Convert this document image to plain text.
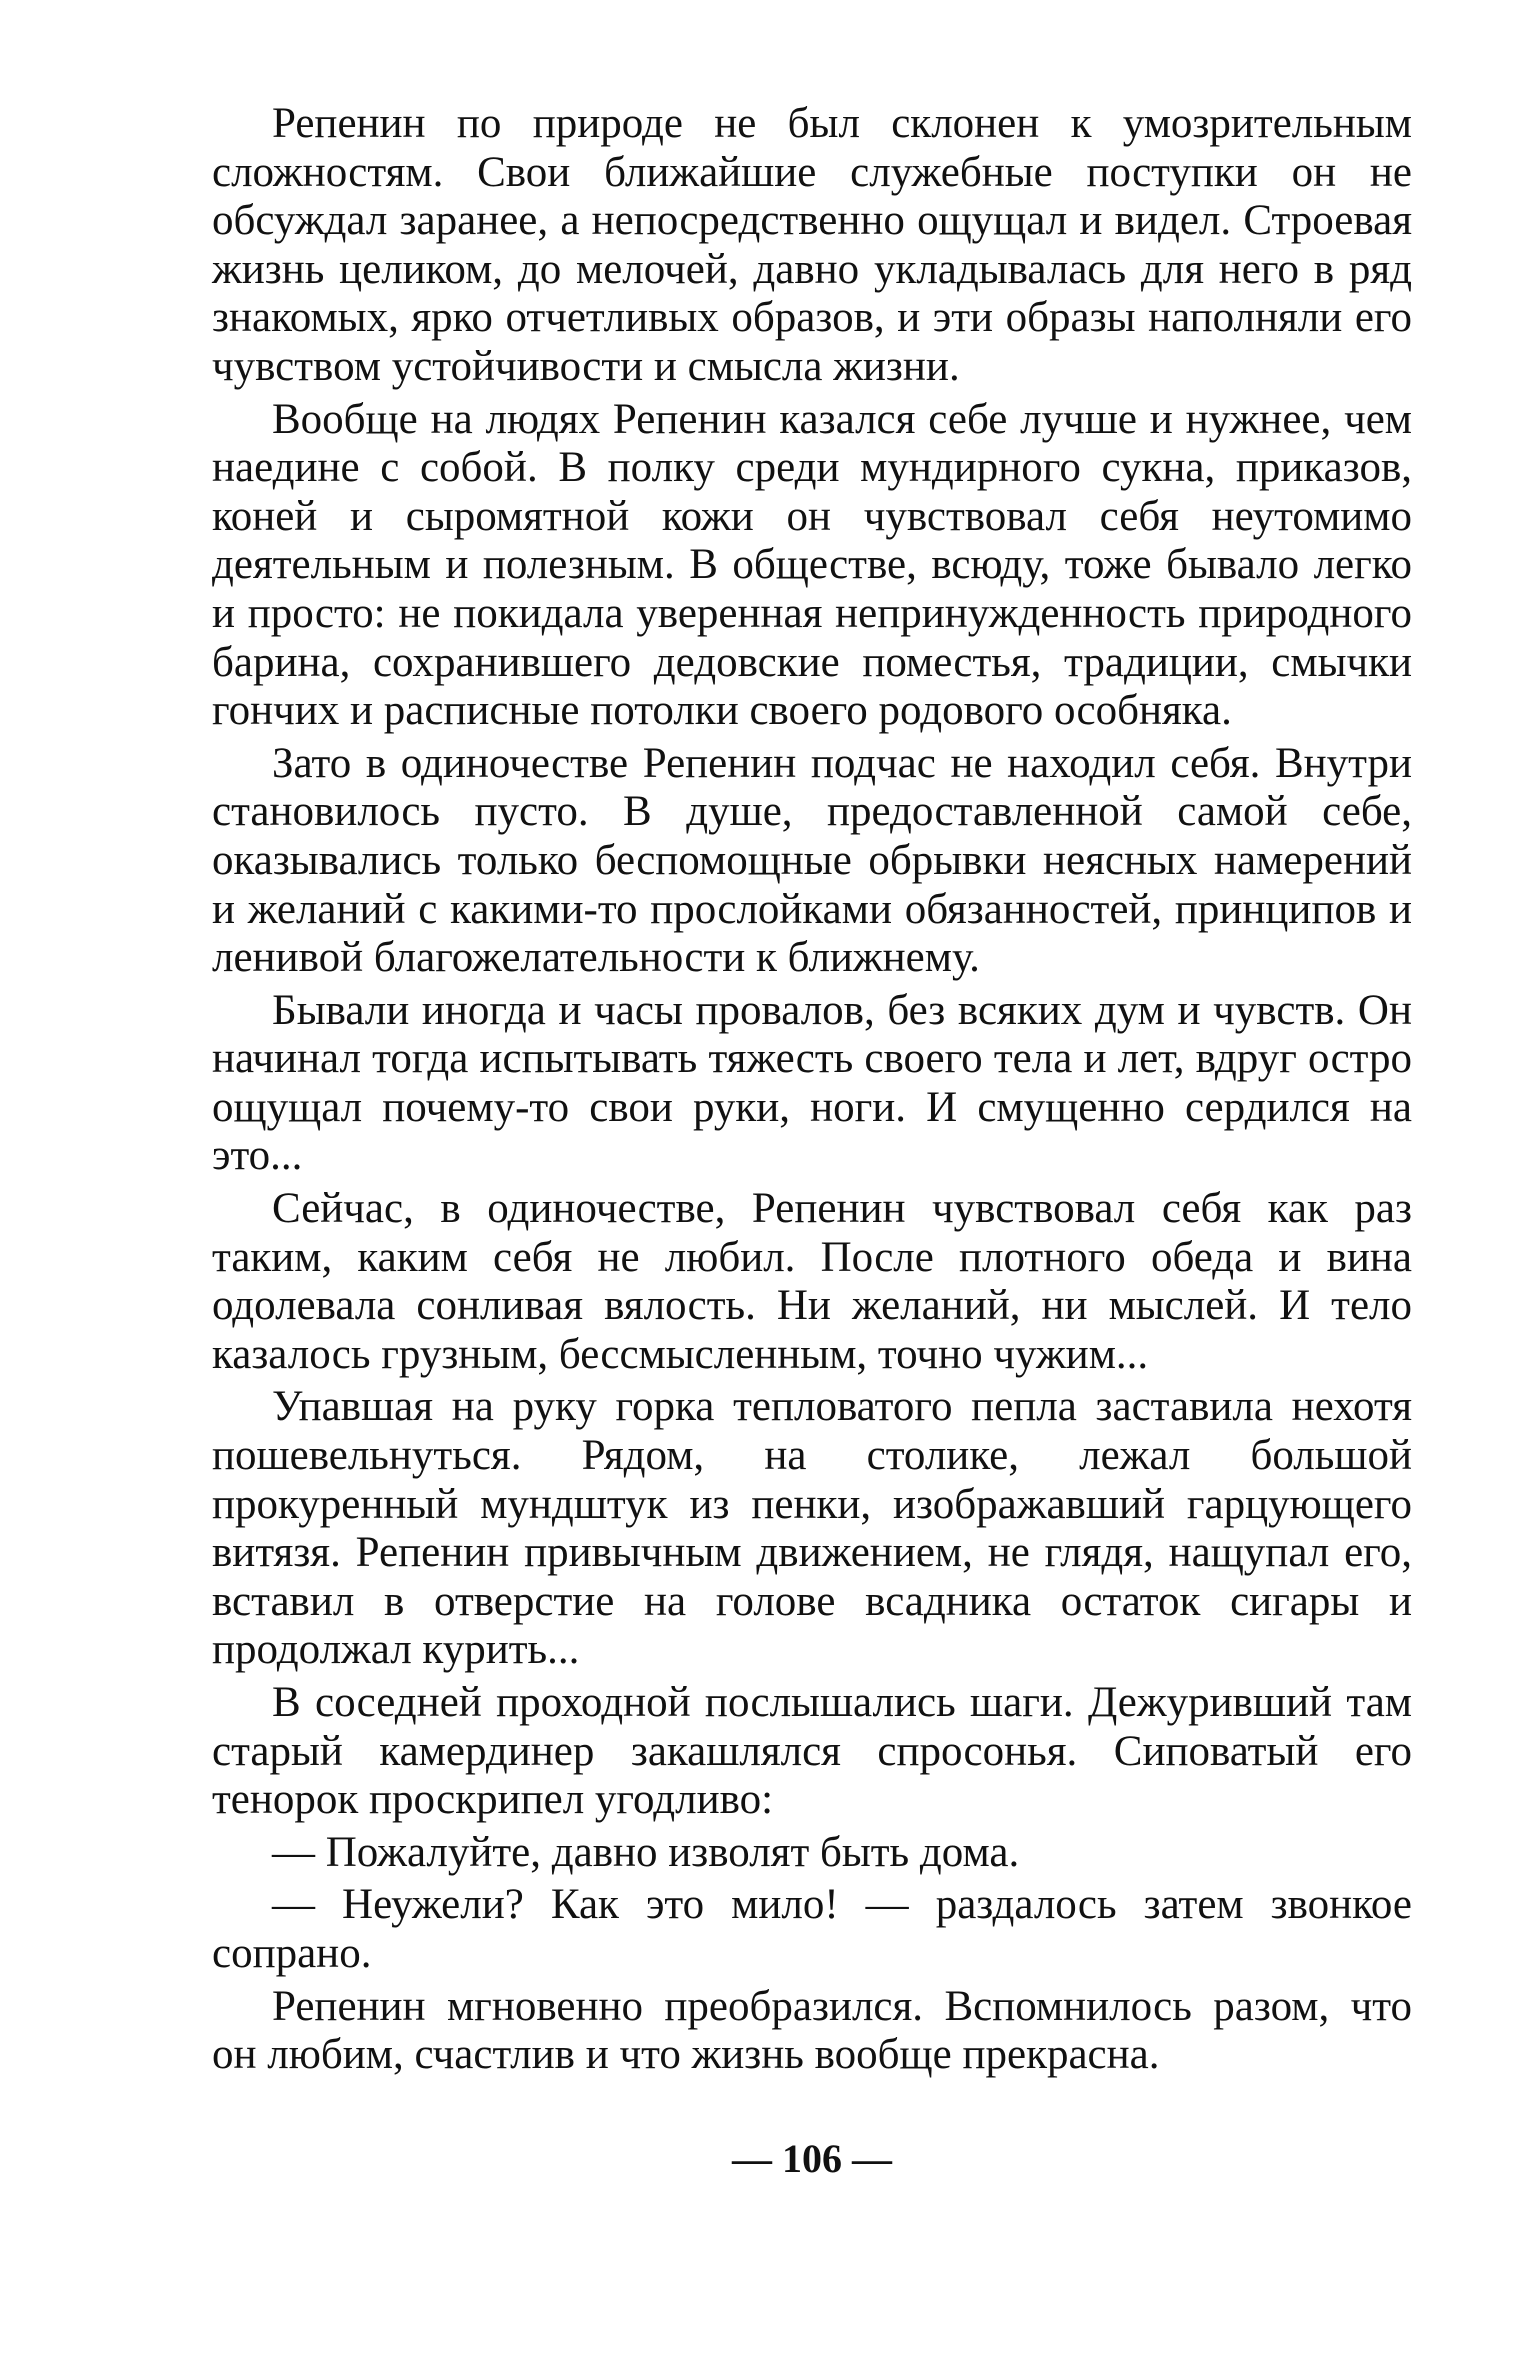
Репенин по природе не был склонен к умозрительным сложностям. Свои ближайшие служебные поступки он не обсуждал заранее, а непосредственно ощущал и видел. Строевая жизнь целиком, до мелочей, давно укладывалась для него в ряд знакомых, ярко отчетливых образов, и эти образы наполняли его чувством устойчивости и смысла жизни.

Вообще на людях Репенин казался себе лучше и нужнее, чем наедине с собой. В полку среди мундирного сукна, приказов, коней и сыромятной кожи он чувствовал себя неутомимо деятельным и полезным. В обществе, всюду, тоже бывало легко и просто: не покидала уверенная непринужденность природного барина, сохранившего дедовские поместья, традиции, смычки гончих и расписные потолки своего родового особняка.

Зато в одиночестве Репенин подчас не находил себя. Внутри становилось пусто. В душе, предоставленной самой себе, оказывались только беспомощные обрывки неясных намерений и желаний с какими-то прослойками обязанностей, принципов и ленивой благожелательности к ближнему.

Бывали иногда и часы провалов, без всяких дум и чувств. Он начинал тогда испытывать тяжесть своего тела и лет, вдруг остро ощущал почему-то свои руки, ноги. И смущенно сердился на это...

Сейчас, в одиночестве, Репенин чувствовал себя как раз таким, каким себя не любил. После плотного обеда и вина одолевала сонливая вялость. Ни желаний, ни мыслей. И тело казалось грузным, бессмысленным, точно чужим...

Упавшая на руку горка тепловатого пепла заставила нехотя пошевельнуться. Рядом, на столике, лежал большой прокуренный мундштук из пенки, изображавший гарцующего витязя. Репенин привычным движением, не глядя, нащупал его, вставил в отверстие на голове всадника остаток сигары и продолжал курить...

В соседней проходной послышались шаги. Дежуривший там старый камердинер закашлялся спросонья. Сиповатый его тенорок проскрипел угодливо:

— Пожалуйте, давно изволят быть дома.

— Неужели? Как это мило! — раздалось затем звонкое сопрано.

Репенин мгновенно преобразился. Вспомнилось разом, что он любим, счастлив и что жизнь вообще прекрасна.

— 106 —
